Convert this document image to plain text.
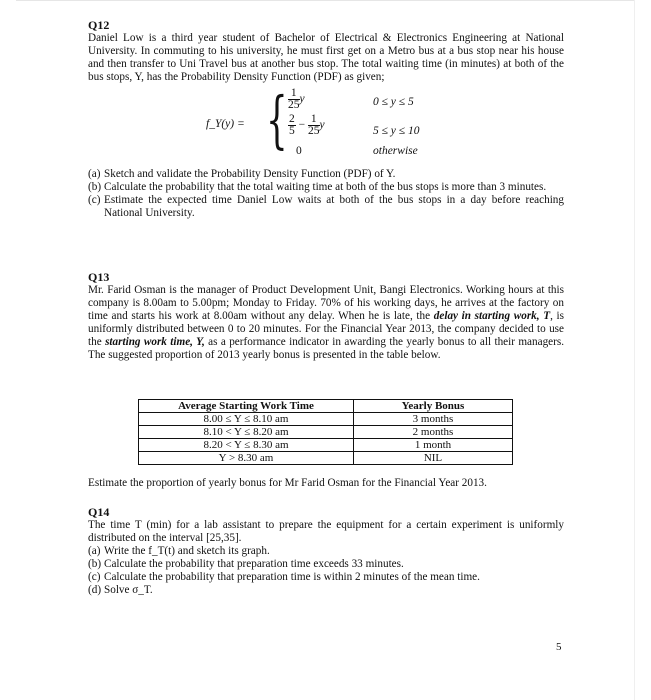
Q12

Daniel Low is a third year student of Bachelor of Electrical & Electronics Engineering at National University. In commuting to his university, he must first get on a Metro bus at a bus stop near his house and then transfer to Uni Travel bus at another bus stop. The total waiting time (in minutes) at both of the bus stops, Y, has the Probability Density Function (PDF) as given;

f_Y(y) = { $\frac{1}{25}$ y	0 ≤ y ≤ 5
$\frac{2}{5} - \frac{1}{25}$ y	5 ≤ y ≤ 10
0	otherwise
(a) Sketch and validate the Probability Density Function (PDF) of Y.
(b) Calculate the probability that the total waiting time at both of the bus stops is more than 3 minutes.
(c) Estimate the expected time Daniel Low waits at both of the bus stops in a day before reaching National University.
Q13

Mr. Farid Osman is the manager of Product Development Unit, Bangi Electronics. Working hours at this company is 8.00am to 5.00pm; Monday to Friday. 70% of his working days, he arrives at the factory on time and starts his work at 8.00am without any delay. When he is late, the delay in starting work, T, is uniformly distributed between 0 to 20 minutes. For the Financial Year 2013, the company decided to use the starting work time, Y, as a performance indicator in awarding the yearly bonus to all their managers. The suggested proportion of 2013 yearly bonus is presented in the table below.

Average Starting Work Time	Yearly Bonus
8.00 ≤ Y ≤ 8.10 am	3 months
8.10 < Y ≤ 8.20 am	2 months
8.20 < Y ≤ 8.30 am	1 month
Y > 8.30 am	NIL

Estimate the proportion of yearly bonus for Mr Farid Osman for the Financial Year 2013.

Q14

The time T (min) for a lab assistant to prepare the equipment for a certain experiment is uniformly distributed on the interval [25,35].

(a) Write the f_T(t) and sketch its graph.
(b) Calculate the probability that preparation time exceeds 33 minutes.
(c) Calculate the probability that preparation time is within 2 minutes of the mean time.
(d) Solve σ_T.
5
